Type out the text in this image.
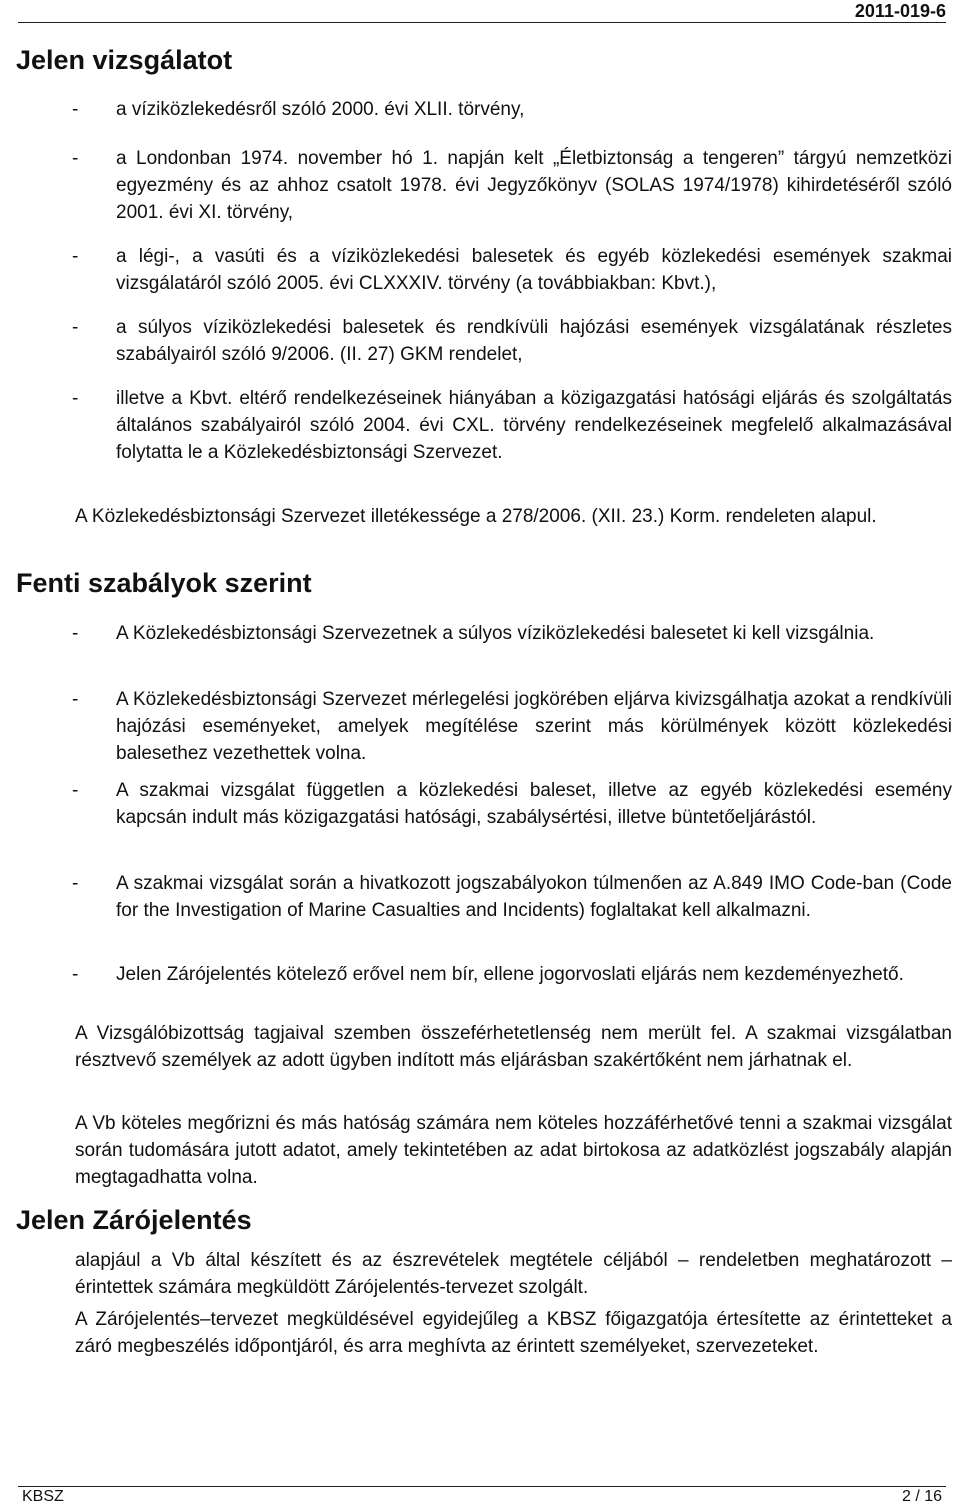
2011-019-6
Jelen vizsgálatot
-	a víziközlekedésről szóló 2000. évi XLII. törvény,

-	a Londonban 1974. november hó 1. napján kelt „Életbiztonság a tengeren” tárgyú nemzetközi egyezmény és az ahhoz csatolt 1978. évi Jegyzőkönyv (SOLAS 1974/1978) kihirdetéséről szóló 2001. évi XI. törvény,

-	a légi-, a vasúti és a víziközlekedési balesetek és egyéb közlekedési események szakmai vizsgálatáról szóló 2005. évi CLXXXIV. törvény (a továbbiakban: Kbvt.),

-	a súlyos víziközlekedési balesetek és rendkívüli hajózási események vizsgálatának részletes szabályairól szóló 9/2006. (II. 27) GKM rendelet,

-	illetve a Kbvt. eltérő rendelkezéseinek hiányában a közigazgatási hatósági eljárás és szolgáltatás általános szabályairól szóló 2004. évi CXL. törvény rendelkezéseinek megfelelő alkalmazásával folytatta le a Közlekedésbiztonsági Szervezet.

A Közlekedésbiztonsági Szervezet illetékessége a 278/2006. (XII. 23.) Korm. rendeleten alapul.

Fenti szabályok szerint
-	A Közlekedésbiztonsági Szervezetnek a súlyos víziközlekedési balesetet ki kell vizsgálnia.

-	A Közlekedésbiztonsági Szervezet mérlegelési jogkörében eljárva kivizsgálhatja azokat a rendkívüli hajózási eseményeket, amelyek megítélése szerint más körülmények között közlekedési balesethez vezethettek volna.

-	A szakmai vizsgálat független a közlekedési baleset, illetve az egyéb közlekedési esemény kapcsán indult más közigazgatási hatósági, szabálysértési, illetve büntetőeljárástól.

-	A szakmai vizsgálat során a hivatkozott jogszabályokon túlmenően az A.849 IMO Code-ban (Code for the Investigation of Marine Casualties and Incidents) foglaltakat kell alkalmazni.

-	Jelen Zárójelentés kötelező erővel nem bír, ellene jogorvoslati eljárás nem kezdeményezhető.

A Vizsgálóbizottság tagjaival szemben összeférhetetlenség nem merült fel. A szakmai vizsgálatban résztvevő személyek az adott ügyben indított más eljárásban szakértőként nem járhatnak el.

A Vb köteles megőrizni és más hatóság számára nem köteles hozzáférhetővé tenni a szakmai vizsgálat során tudomására jutott adatot, amely tekintetében az adat birtokosa az adatközlést jogszabály alapján megtagadhatta volna.

Jelen Zárójelentés

alapjául a Vb által készített és az észrevételek megtétele céljából – rendeletben meghatározott – érintettek számára megküldött Zárójelentés-tervezet szolgált.

A Zárójelentés–tervezet megküldésével egyidejűleg a KBSZ főigazgatója értesítette az érintetteket a záró megbeszélés időpontjáról, és arra meghívta az érintett személyeket, szervezeteket.

KBSZ	2 / 16
